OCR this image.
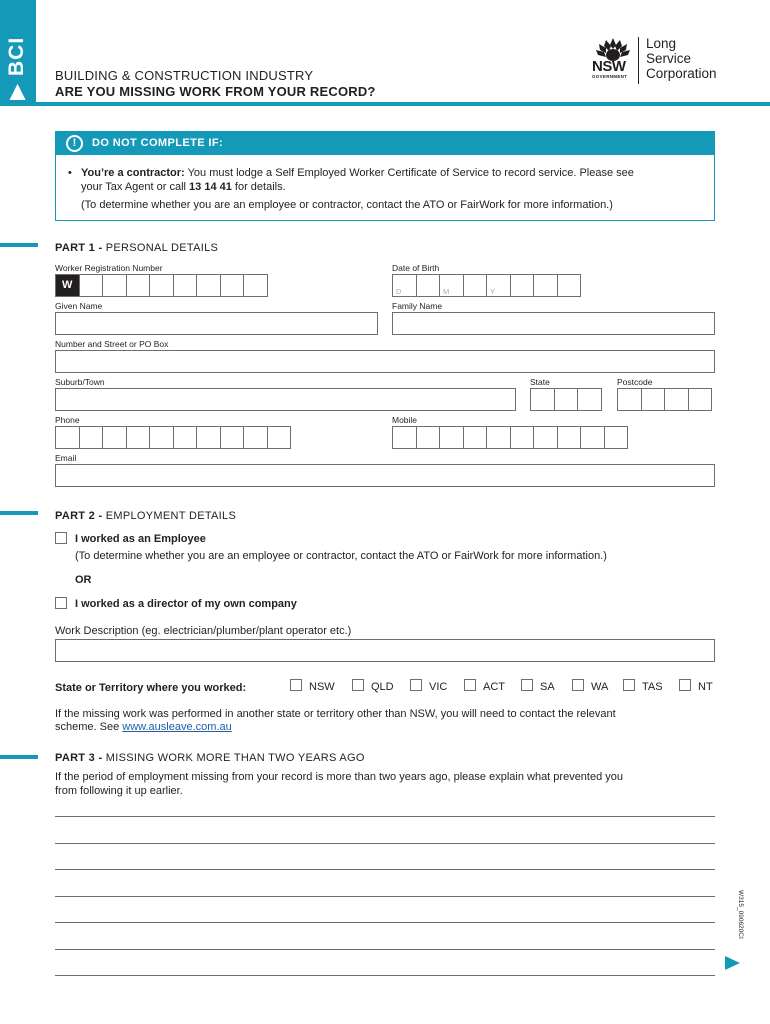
▶ BCI BUILDING & CONSTRUCTION INDUSTRY
ARE YOU MISSING WORK FROM YOUR RECORD?
NSW
GOVERNMENT
Long
Service
Corporation
!	DO NOT COMPLETE IF:
• You’re a contractor: You must lodge a Self Employed Worker Certificate of Service to record service. Please see
your Tax Agent or call 13 14 41 for details.
(To determine whether you are an employee or contractor, contact the ATO or FairWork for more information.)
PART 1 - PERSONAL DETAILS
Worker Registration Number
W
Date of Birth
D	M	Y
Given Name	Family Name
Number and Street or PO Box
Suburb/Town	State	Postcode
Phone	Mobile
Email
PART 2 - EMPLOYMENT DETAILS
I worked as an Employee
(To determine whether you are an employee or contractor, contact the ATO or FairWork for more information.)
OR
I worked as a director of my own company
Work Description (eg. electrician/plumber/plant operator etc.)
State or Territory where you worked:	NSW	QLD	VIC	ACT	SA	WA	TAS	NT
If the missing work was performed in another state or territory other than NSW, you will need to contact the relevant
scheme. See www.ausleave.com.au
PART 3 - MISSING WORK MORE THAN TWO YEARS AGO
If the period of employment missing from your record is more than two years ago, please explain what prevented you
from following it up earlier.
W315_090620CI
